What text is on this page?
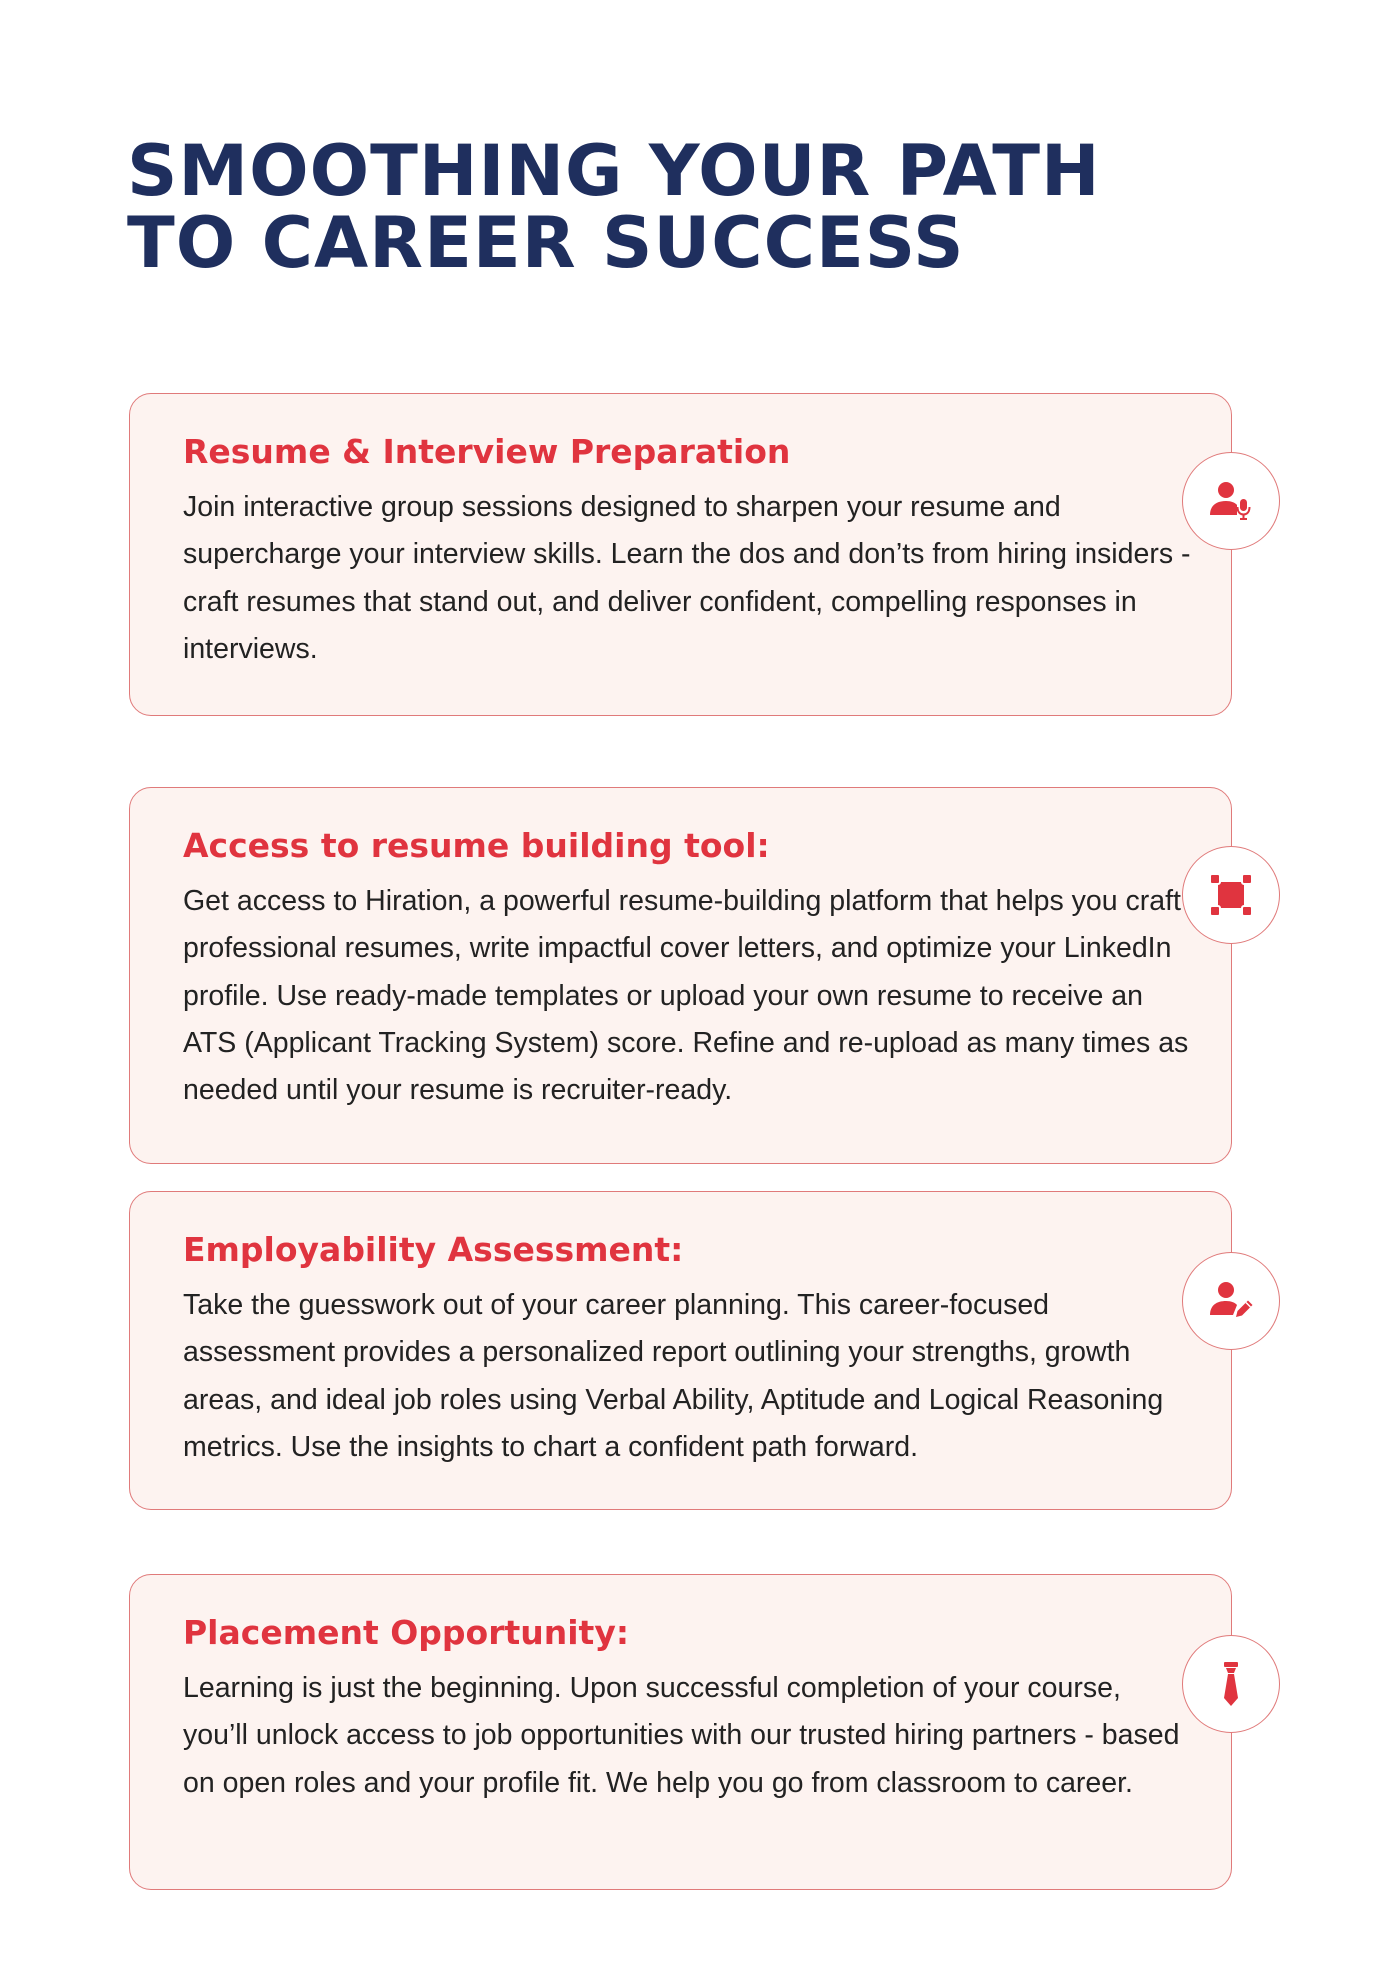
SMOOTHING YOUR PATH
TO CAREER SUCCESS
Resume & Interview Preparation

Join interactive group sessions designed to sharpen your resume and supercharge your interview skills. Learn the dos and don’ts from hiring insiders - craft resumes that stand out, and deliver confident, compelling responses in interviews.

Access to resume building tool:

Get access to Hiration, a powerful resume-building platform that helps you craft professional resumes, write impactful cover letters, and optimize your LinkedIn profile. Use ready-made templates or upload your own resume to receive an ATS (Applicant Tracking System) score. Refine and re-upload as many times as needed until your resume is recruiter-ready.

Employability Assessment:

Take the guesswork out of your career planning. This career-focused assessment provides a personalized report outlining your strengths, growth areas, and ideal job roles using Verbal Ability, Aptitude and Logical Reasoning metrics. Use the insights to chart a confident path forward.

Placement Opportunity:

Learning is just the beginning. Upon successful completion of your course, you’ll unlock access to job opportunities with our trusted hiring partners - based on open roles and your profile fit. We help you go from classroom to career.
